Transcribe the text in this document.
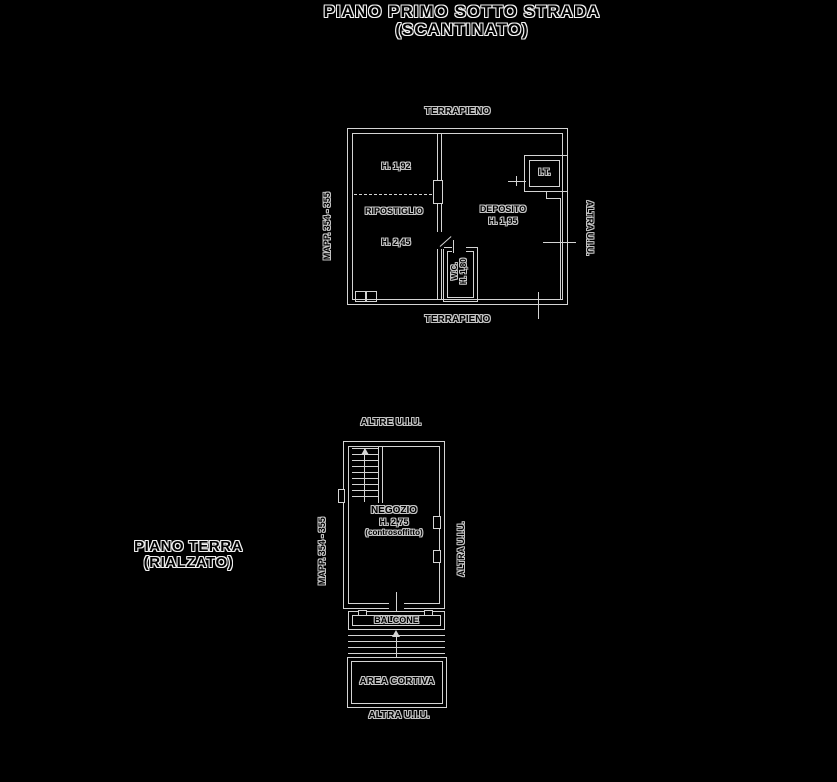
PIANO PRIMO SOTTO STRADA
(SCANTINATO)
TERRAPIENO
H. 1,92
RIPOSTIGLIO
H. 2,45
DEPOSITO
H. 1,95
I.T.
W.C. H. 1,80
TERRAPIENO
MAPP. 354 - 355	ALTRA U.I.U.
PIANO TERRA
(RIALZATO)
ALTRE U.I.U.
NEGOZIO
H. 2,75
(controsoffitto)
BALCONE
AREA CORTIVA
ALTRA U.I.U.
MAPP. 354 - 355	ALTRA U.I.U.
